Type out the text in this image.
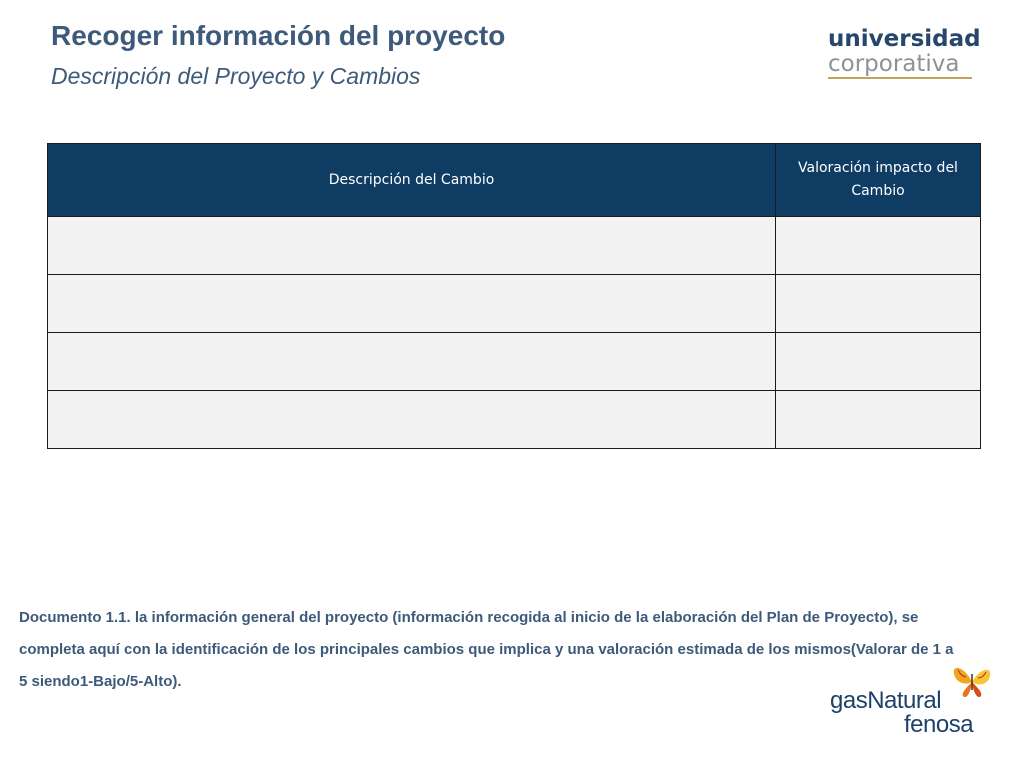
Recoger información del proyecto
Descripción del Proyecto y Cambios
universidad
corporativa
Descripción del Cambio	Valoración impacto del Cambio

Documento 1.1. la información general del proyecto (información recogida al inicio de la elaboración del Plan de Proyecto), se completa aquí con la identificación de los principales cambios que implica y una valoración estimada de los mismos(Valorar de 1 a 5 siendo1-Bajo/5-Alto).
gasNatural
fenosa
